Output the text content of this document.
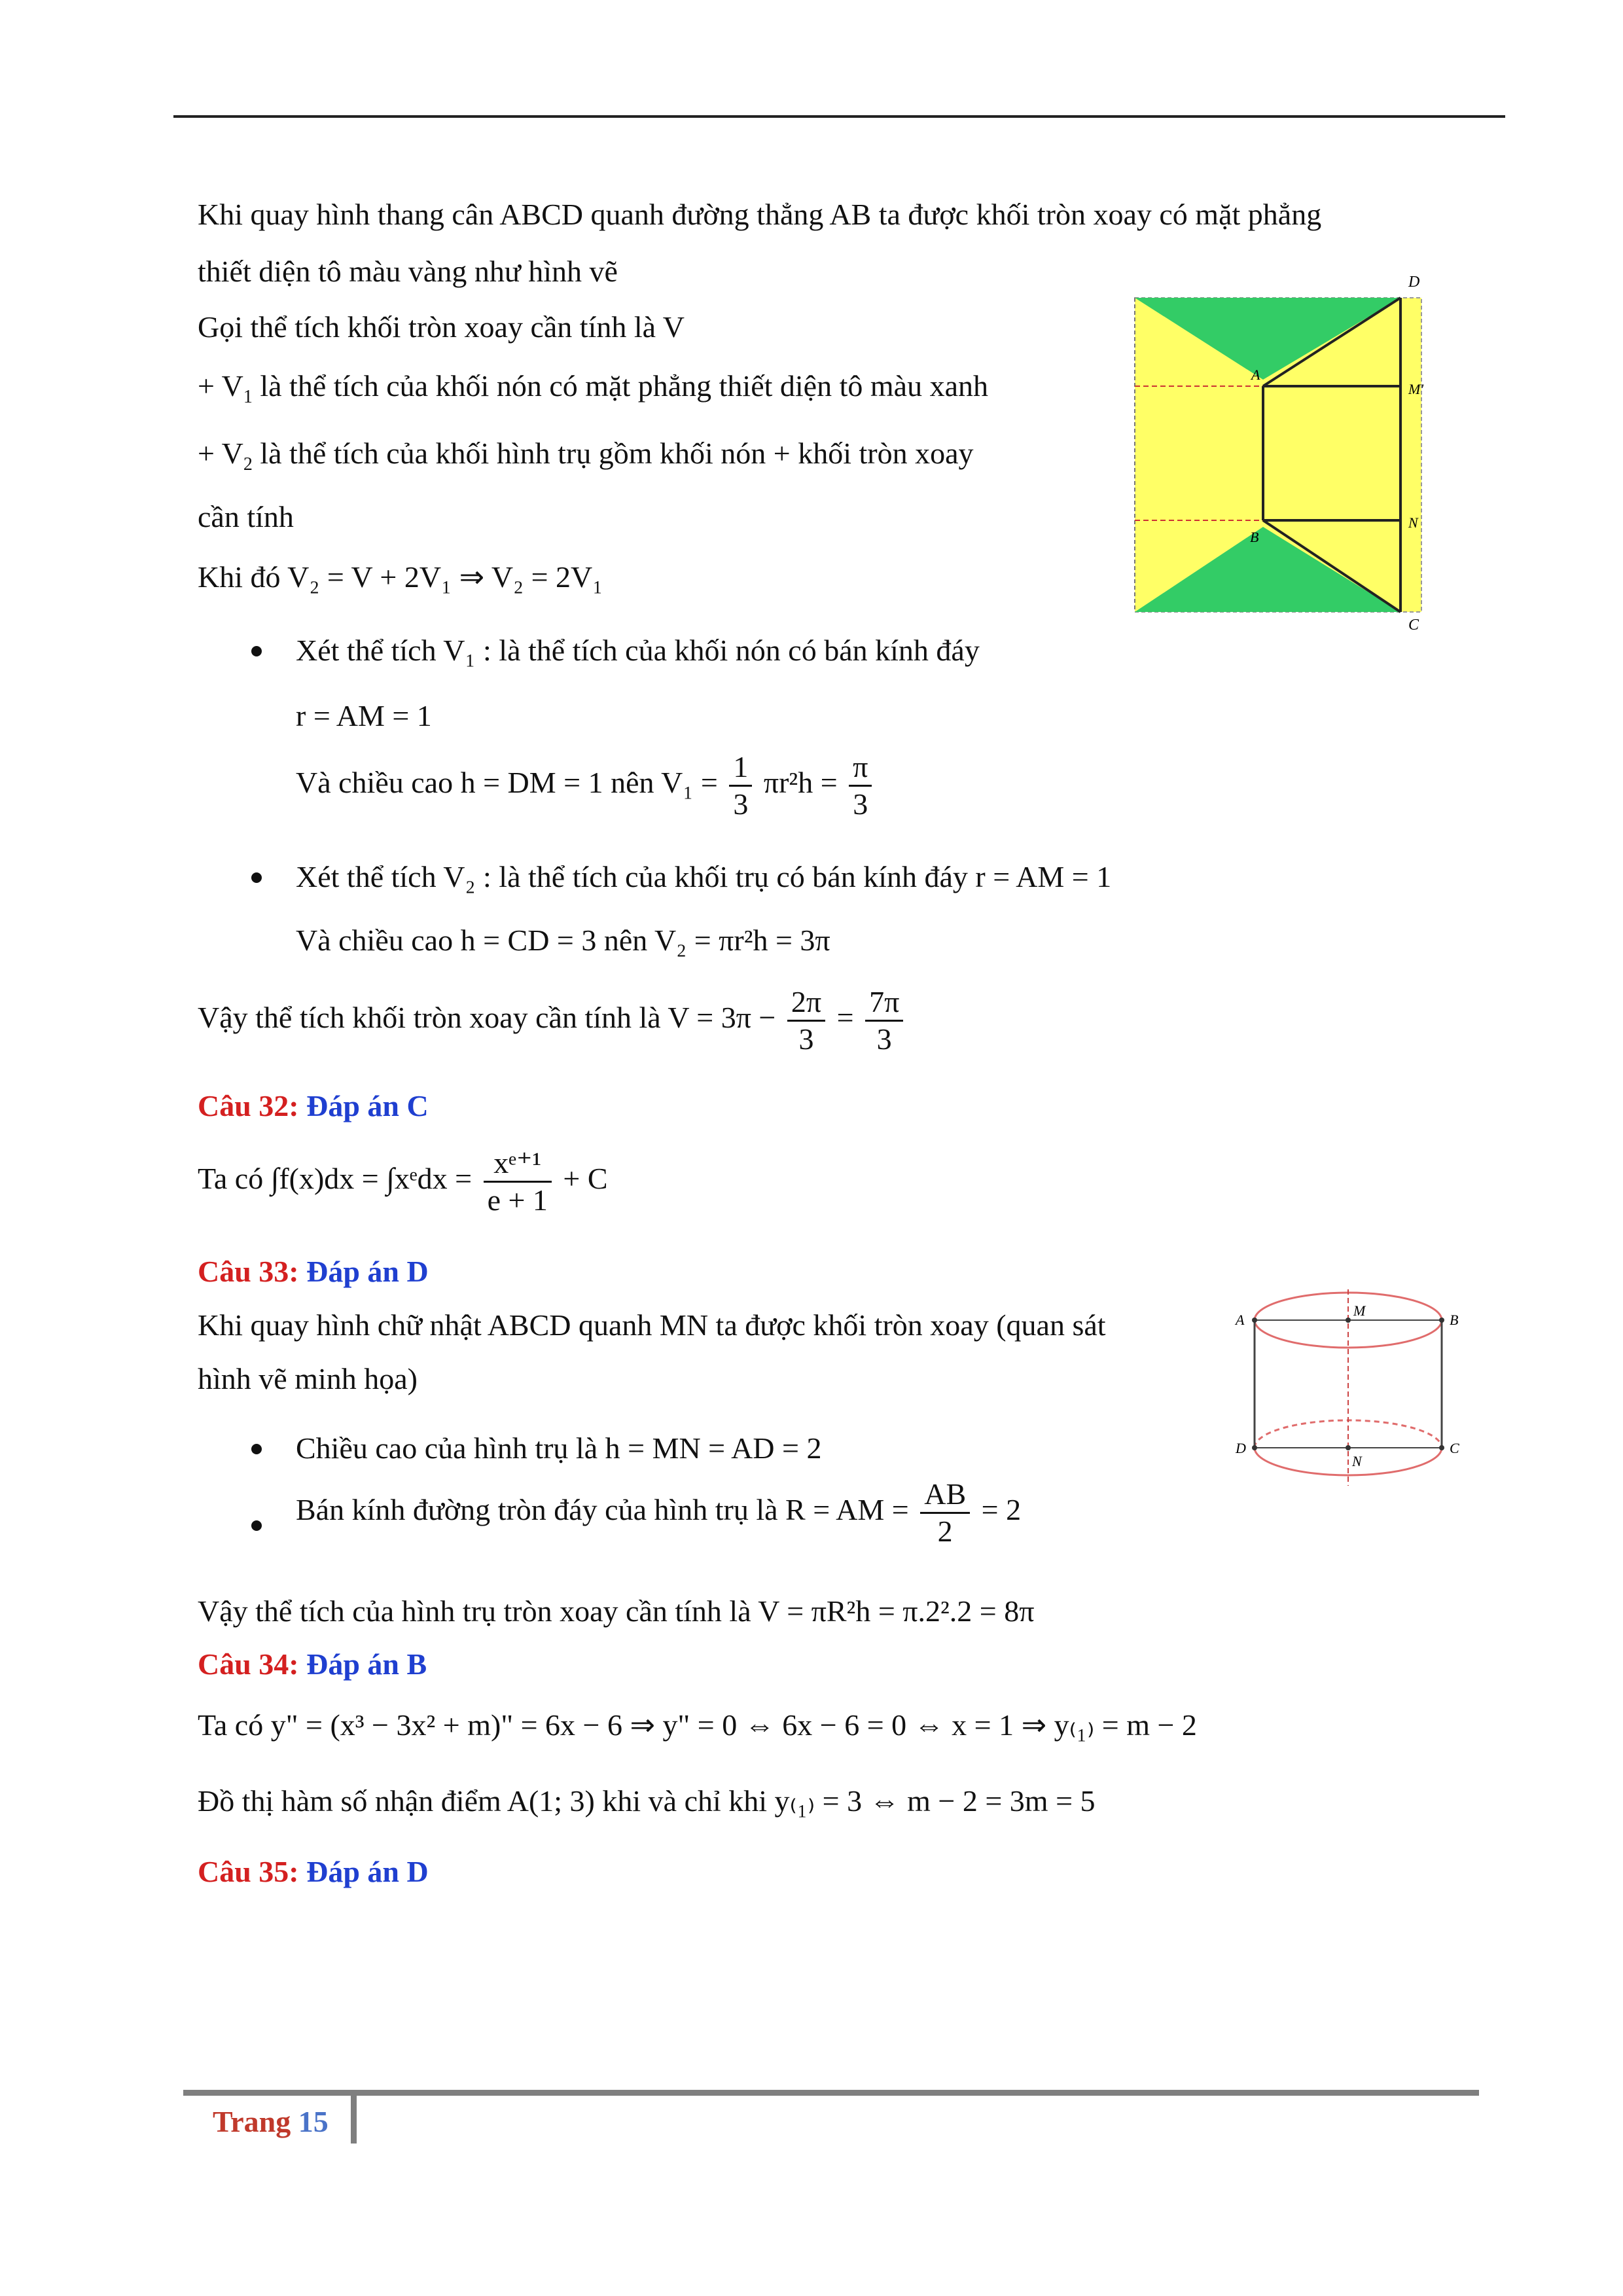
Khi quay hình thang cân ABCD quanh đường thẳng AB ta được khối tròn xoay có mặt phẳng
thiết diện tô màu vàng như hình vẽ
Gọi thể tích khối tròn xoay cần tính là V
+ $V_1$ là thể tích của khối nón có mặt phẳng thiết diện tô màu xanh
+ $V_2$ là thể tích của khối hình trụ gồm khối nón + khối tròn xoay
cần tính
Khi đó V₂ = V + 2V₁ ⇒ V₂ = 2V₁
D
A
M'
B
N
C
Xét thể tích V₁ : là thể tích của khối nón có bán kính đáy
r = AM = 1
Và chiều cao h = DM = 1 nên $V_1 = \frac{1}{3} \pi r^2h = \frac{\pi}{3}$
Xét thể tích V₂ : là thể tích của khối trụ có bán kính đáy r = AM = 1
Và chiều cao h = CD = 3 nên V₂ = πr²h = 3π
Vậy thể tích khối tròn xoay cần tính là $V = 3\pi - \frac{2\pi}{3} = \frac{7\pi}{3}$
Câu 32: Đáp án C
Ta có ∫f(x)dx = ∫xᵉdx = $\frac{\text{xᵉ⁺¹}}{e + 1} + C$
Câu 33: Đáp án D
Khi quay hình chữ nhật ABCD quanh MN ta được khối tròn xoay (quan sát
hình vẽ minh họa)
A
M
B
D
N
C
Chiều cao của hình trụ là h = MN = AD = 2
Bán kính đường tròn đáy của hình trụ là R = AM = $\frac{AB}{2} = 2$
Vậy thể tích của hình trụ tròn xoay cần tính là V = πR²h = π.2².2 = 8π
Câu 34: Đáp án B
Ta có y" = (x³ − 3x² + m)" = 6x − 6 ⇒ y" = 0 ⇔ 6x − 6 = 0 ⇔ x = 1 ⇒ y₍₁₎ = m − 2
Đồ thị hàm số nhận điểm A(1; 3) khi và chỉ khi y₍₁₎ = 3 ⇔ m − 2 = 3m = 5
Câu 35: Đáp án D
Trang 15
